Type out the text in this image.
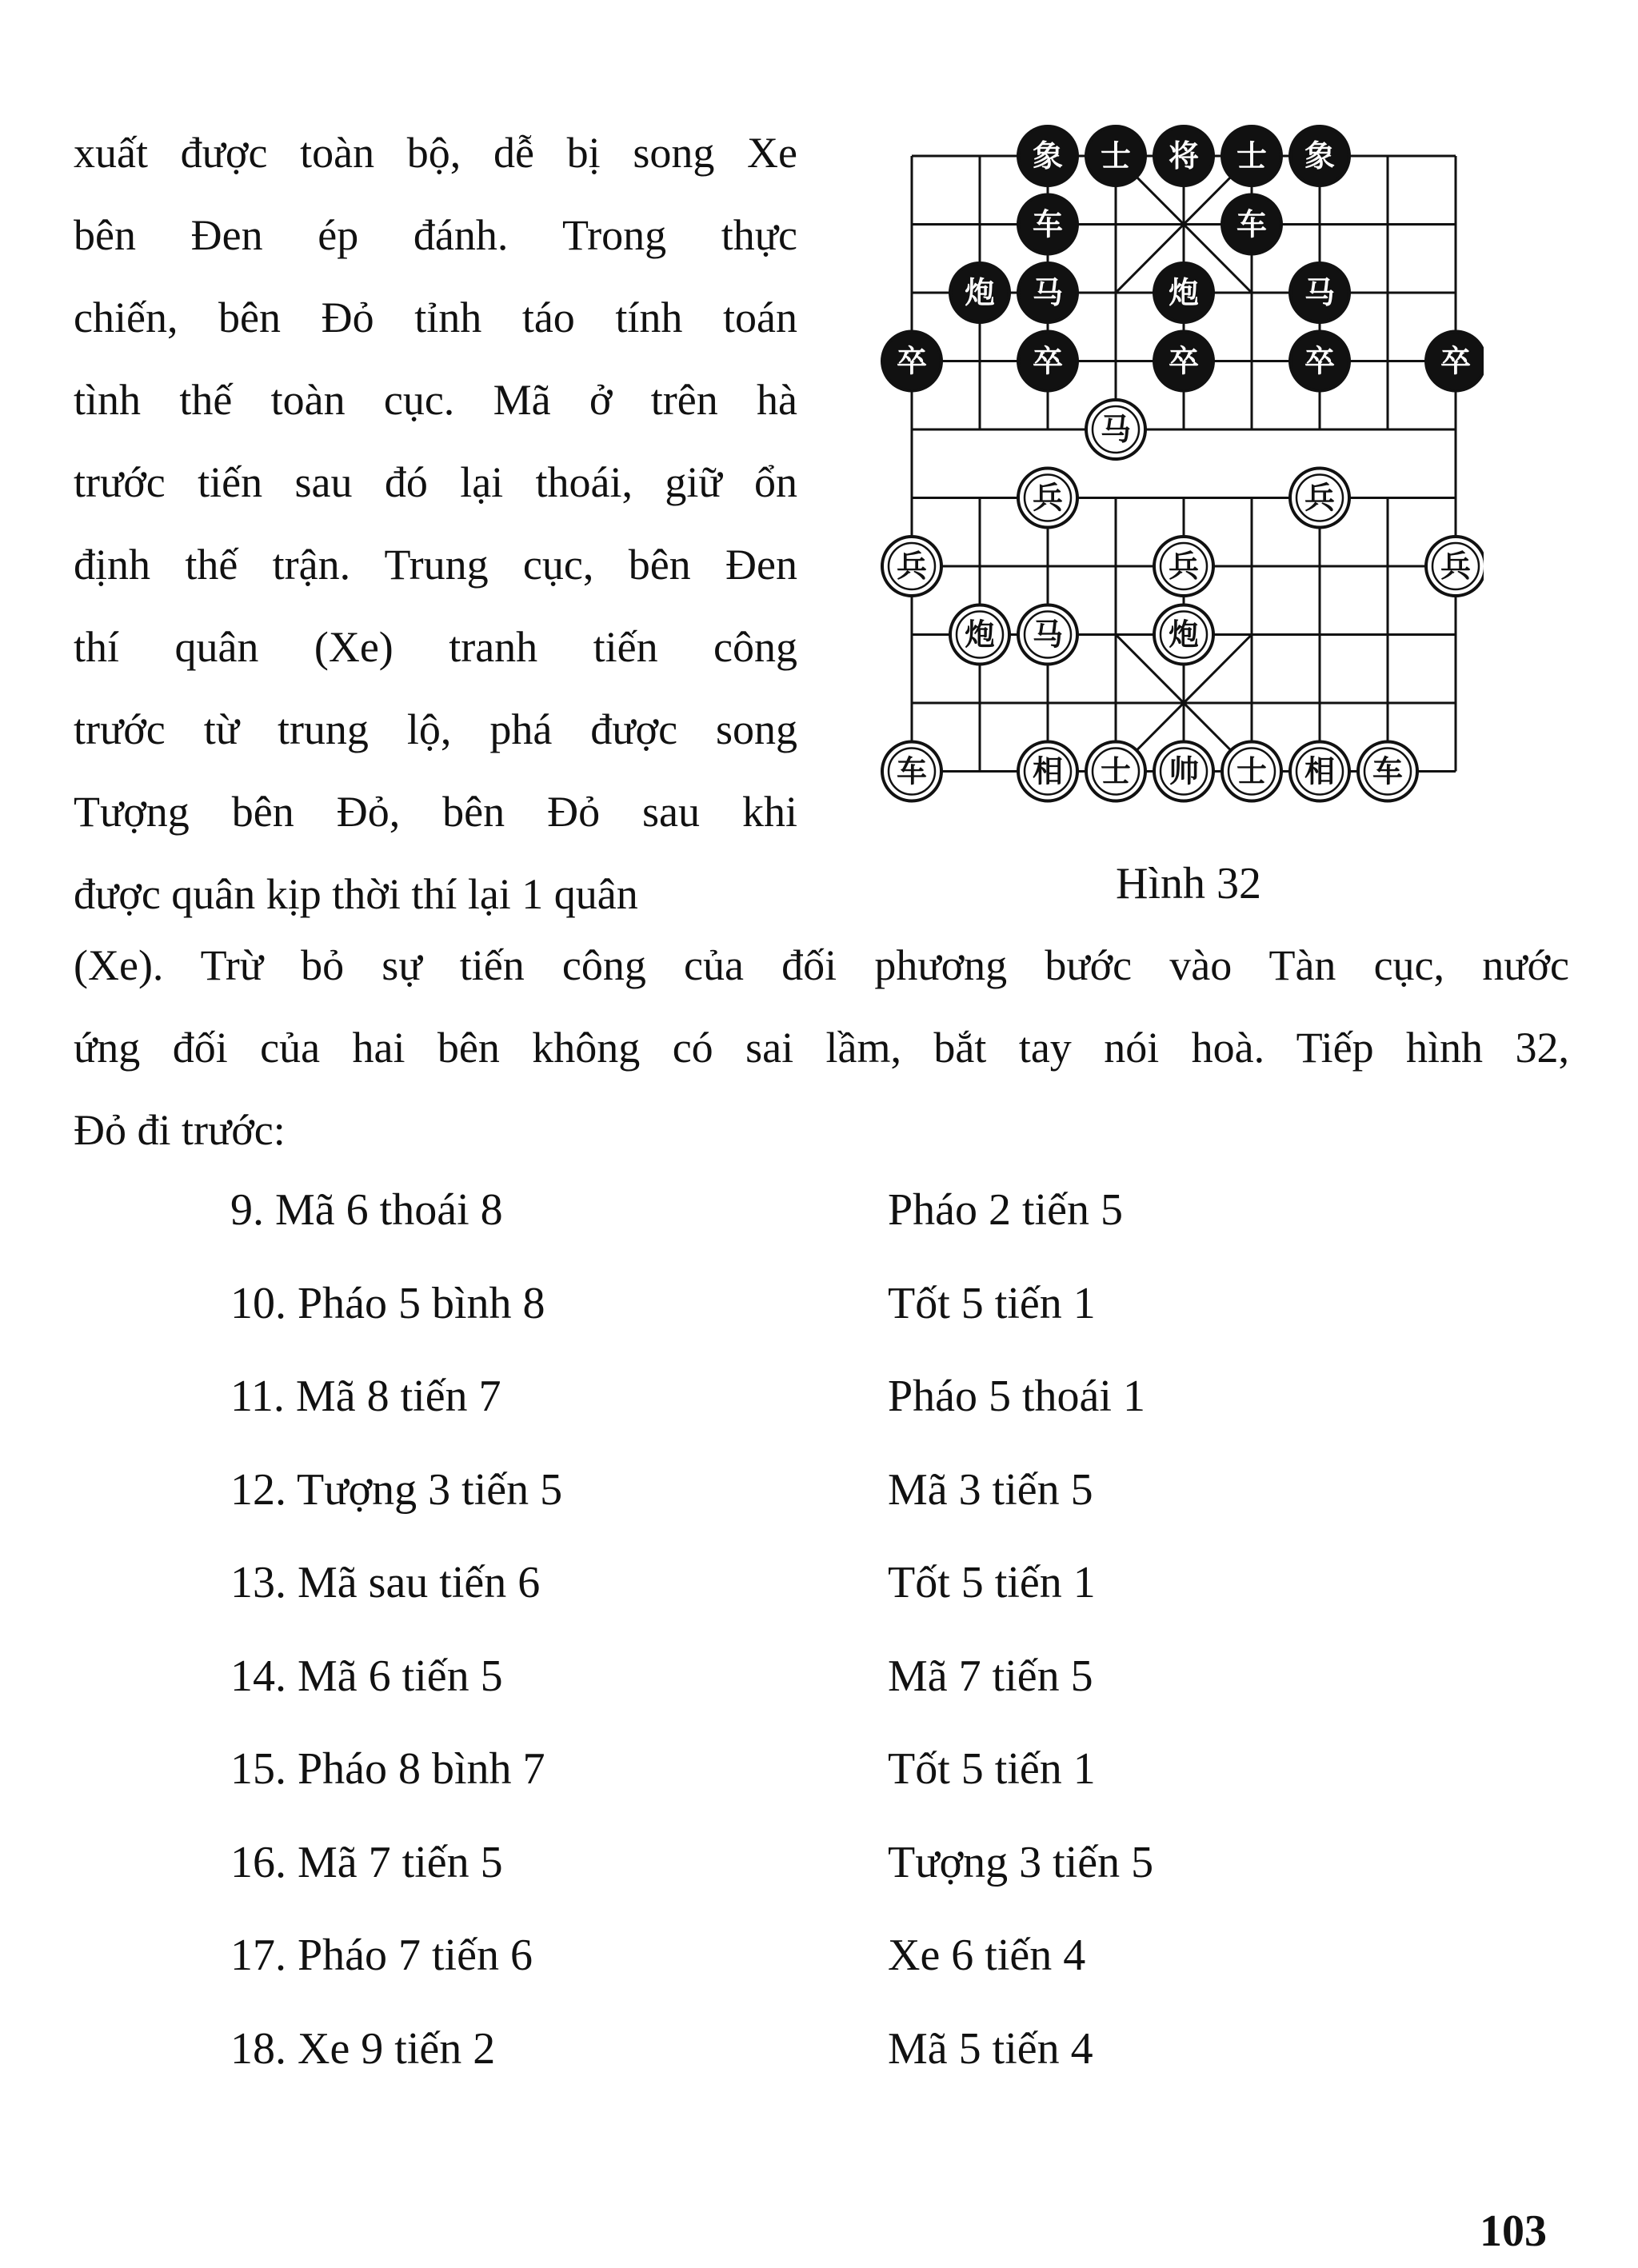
xuất được toàn bộ, dễ bị song Xe
bên Đen ép đánh. Trong thực
chiến, bên Đỏ tỉnh táo tính toán
tình thế toàn cục. Mã ở trên hà
trước tiến sau đó lại thoái, giữ ổn
định thế trận. Trung cục, bên Đen
thí quân (Xe) tranh tiến công
trước từ trung lộ, phá được song
Tượng bên Đỏ, bên Đỏ sau khi
được quân kịp thời thí lại 1 quân
象 士 将 士 象
车	车
炮 马	炮	马
卒	卒	卒	卒	卒
马
兵	兵
兵	兵	兵
炮 马	炮
车	相 士 帅 士 相 车
Hình 32
(Xe). Trừ bỏ sự tiến công của đối phương bước vào Tàn cục, nước
ứng đối của hai bên không có sai lầm, bắt tay nói hoà. Tiếp hình 32,
Đỏ đi trước:
9. Mã 6 thoái 8	Pháo 2 tiến 5
10. Pháo 5 bình 8	Tốt 5 tiến 1
11. Mã 8 tiến 7	Pháo 5 thoái 1
12. Tượng 3 tiến 5	Mã 3 tiến 5
13. Mã sau tiến 6	Tốt 5 tiến 1
14. Mã 6 tiến 5	Mã 7 tiến 5
15. Pháo 8 bình 7	Tốt 5 tiến 1
16. Mã 7 tiến 5	Tượng 3 tiến 5
17. Pháo 7 tiến 6	Xe 6 tiến 4
18. Xe 9 tiến 2	Mã 5 tiến 4
103
